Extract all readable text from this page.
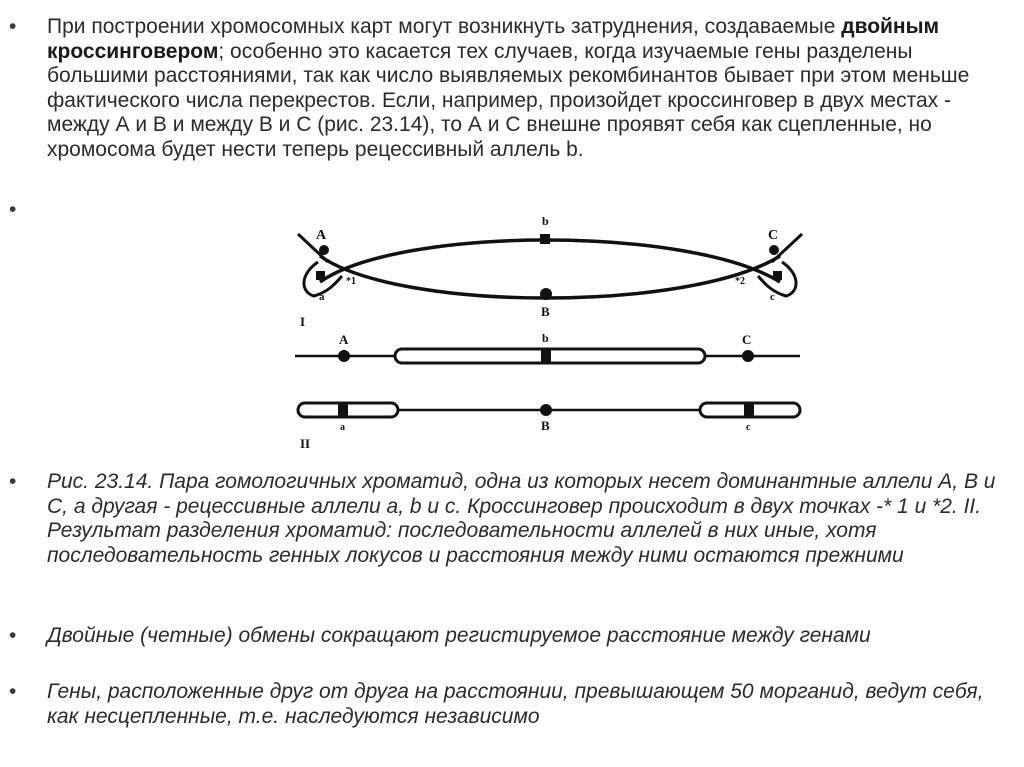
• При построении хромосомных карт могут возникнуть затруднения, создаваемые двойным кроссинговером; особенно это касается тех случаев, когда изучаемые гены разделены большими расстояниями, так как число выявляемых рекомбинантов бывает при этом меньше фактического числа перекрестов. Если, например, произойдет кроссинговер в двух местах - между А и В и между В и С (рис. 23.14), то А и С внешне проявят себя как сцепленные, но хромосома будет нести теперь рецессивный аллель b.

•
A
b
C
a
*1
B
*2
c
I
A	b	C
a	B	c
II
• Рис. 23.14. Пара гомологичных хроматид, одна из которых несет доминантные аллели А, В и С, а другая - рецессивные аллели а, b и с. Кроссинговер происходит в двух точках -* 1 и *2. II. Результат разделения хроматид: последовательности аллелей в них иные, хотя последовательность генных локусов и расстояния между ними остаются прежними

• Двойные (четные) обмены сокращают регистируемое расстояние между генами

• Гены, расположенные друг от друга на расстоянии, превышающем 50 морганид, ведут себя, как несцепленные, т.е. наследуются независимо
